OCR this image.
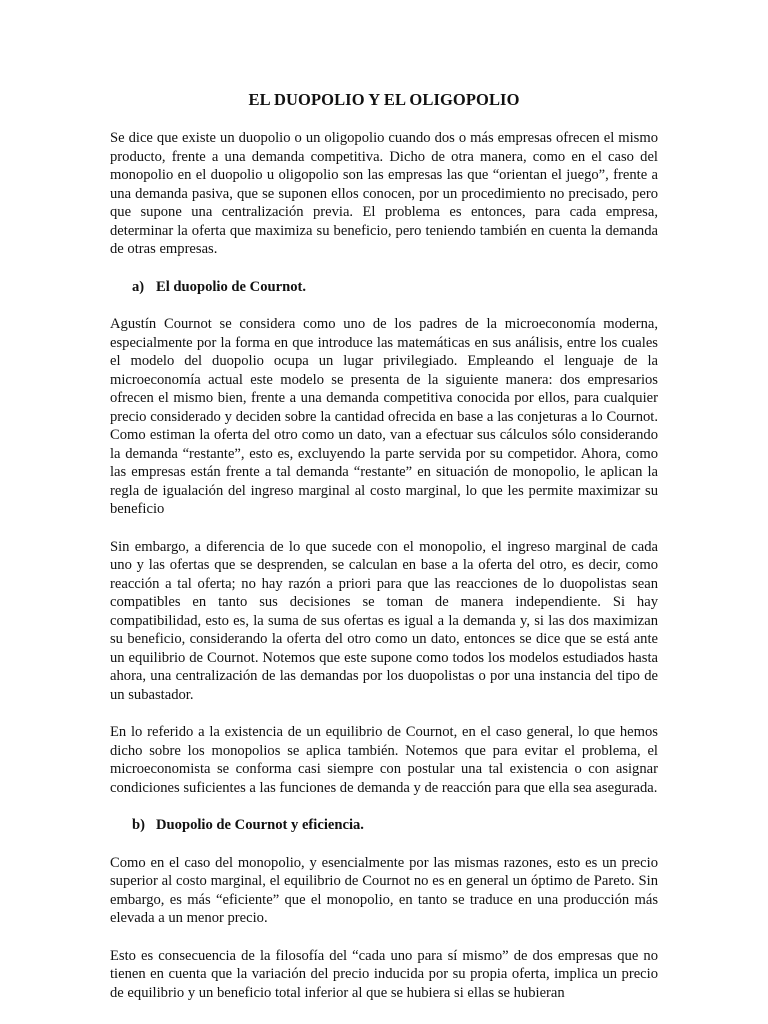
EL DUOPOLIO Y EL OLIGOPOLIO

Se dice que existe un duopolio o un oligopolio cuando dos o más empresas ofrecen el mismo producto, frente a una demanda competitiva. Dicho de otra manera, como en el caso del monopolio en el duopolio u oligopolio son las empresas las que “orientan el juego”, frente a una demanda pasiva, que se suponen ellos conocen, por un procedimiento no precisado, pero que supone una centralización previa. El problema es entonces, para cada empresa, determinar la oferta que maximiza su beneficio, pero teniendo también en cuenta la demanda de otras empresas.

a) El duopolio de Cournot.

Agustín Cournot se considera como uno de los padres de la microeconomía moderna, especialmente por la forma en que introduce las matemáticas en sus análisis, entre los cuales el modelo del duopolio ocupa un lugar privilegiado. Empleando el lenguaje de la microeconomía actual este modelo se presenta de la siguiente manera: dos empresarios ofrecen el mismo bien, frente a una demanda competitiva conocida por ellos, para cualquier precio considerado y deciden sobre la cantidad ofrecida en base a las conjeturas a lo Cournot. Como estiman la oferta del otro como un dato, van a efectuar sus cálculos sólo considerando la demanda “restante”, esto es, excluyendo la parte servida por su competidor. Ahora, como las empresas están frente a tal demanda “restante” en situación de monopolio, le aplican la regla de igualación del ingreso marginal al costo marginal, lo que les permite maximizar su beneficio

Sin embargo, a diferencia de lo que sucede con el monopolio, el ingreso marginal de cada uno y las ofertas que se desprenden, se calculan en base a la oferta del otro, es decir, como reacción a tal oferta; no hay razón a priori para que las reacciones de lo duopolistas sean compatibles en tanto sus decisiones se toman de manera independiente. Si hay compatibilidad, esto es, la suma de sus ofertas es igual a la demanda y, si las dos maximizan su beneficio, considerando la oferta del otro como un dato, entonces se dice que se está ante un equilibrio de Cournot. Notemos que este supone como todos los modelos estudiados hasta ahora, una centralización de las demandas por los duopolistas o por una instancia del tipo de un subastador.

En lo referido a la existencia de un equilibrio de Cournot, en el caso general, lo que hemos dicho sobre los monopolios se aplica también. Notemos que para evitar el problema, el microeconomista se conforma casi siempre con postular una tal existencia o con asignar condiciones suficientes a las funciones de demanda y de reacción para que ella sea asegurada.

b) Duopolio de Cournot y eficiencia.

Como en el caso del monopolio, y esencialmente por las mismas razones, esto es un precio superior al costo marginal, el equilibrio de Cournot no es en general un óptimo de Pareto. Sin embargo, es más “eficiente” que el monopolio, en tanto se traduce en una producción más elevada a un menor precio.

Esto es consecuencia de la filosofía del “cada uno para sí mismo” de dos empresas que no tienen en cuenta que la variación del precio inducida por su propia oferta, implica un precio de equilibrio y un beneficio total inferior al que se hubiera si ellas se hubieran
